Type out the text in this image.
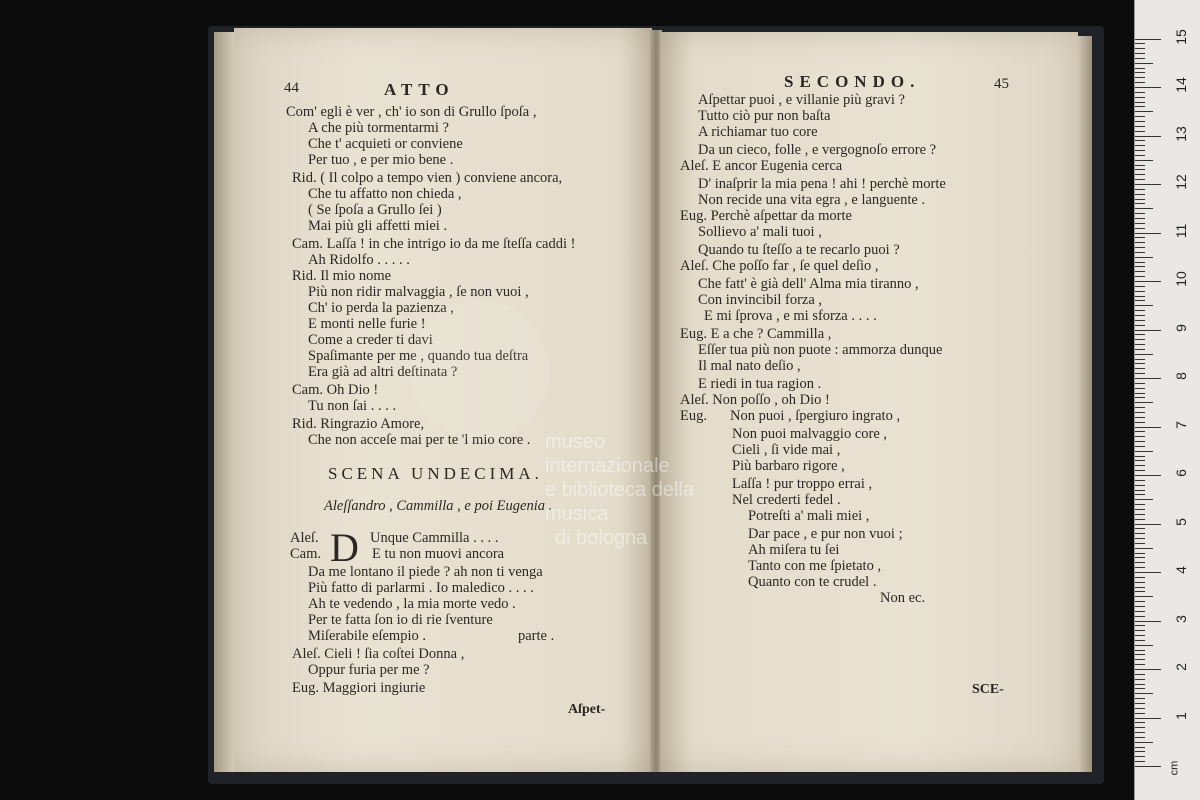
44	ATTO
Com' egli è ver , ch' io son di Grullo ſpoſa ,
A che più tormentarmi ?
Che t' acquieti or conviene
Per tuo , e per mio bene .
Rid. ( Il colpo a tempo vien ) conviene ancora,
Che tu affatto non chieda ,
( Se ſpoſa a Grullo ſei )
Mai più gli affetti miei .
Cam. Laſſa ! in che intrigo io da me ſteſſa caddi !
Ah Ridolfo . . . . .
Rid. Il mio nome
Più non ridir malvaggia , ſe non vuoi ,
Ch' io perda la pazienza ,
E monti nelle furie !
Come a creder ti davi
Spaſimante per me , quando tua deſtra
Era già ad altri deſtinata ?
Cam. Oh Dio !
Tu non ſai . . . .
Rid. Ringrazio Amore,
Che non acceſe mai per te 'l mio core .
SCENA UNDECIMA.
Aleſſandro , Cammilla , e poi Eugenia .
D
Aleſ.	Unque Cammilla . . . .
Cam.	E tu non muovi ancora
Da me lontano il piede ? ah non ti venga
Più fatto di parlarmi . Io maledico . . . .
Ah te vedendo , la mia morte vedo .
Per te fatta ſon io di rie ſventure
Miſerabile eſempio .	parte .
Aleſ. Cieli ! ſia coſtei Donna ,
Oppur furia per me ?
Eug. Maggiori ingiurie
Aſpet-
SECONDO.	45
Aſpettar puoi , e villanie più gravi ?
Tutto ciò pur non baſta
A richiamar tuo core
Da un cieco, folle , e vergognoſo errore ?
Aleſ. E ancor Eugenia cerca
D' inaſprir la mia pena ! ahi ! perchè morte
Non recide una vita egra , e languente .
Eug. Perchè aſpettar da morte
Sollievo a' mali tuoi ,
Quando tu ſteſſo a te recarlo puoi ?
Aleſ. Che poſſo far , ſe quel deſio ,
Che fatt' è già dell' Alma mia tiranno ,
Con invincibil forza ,
E mi ſprova , e mi sforza . . . .
Eug. E a che ? Cammilla ,
Eſſer tua più non puote : ammorza dunque
Il mal nato deſio ,
E riedi in tua ragion .
Aleſ. Non poſſo , oh Dio !
Eug. Non puoi , ſpergiuro ingrato ,
Non puoi malvaggio core ,
Cieli , ſi vide mai ,
Più barbaro rigore ,
Laſſa ! pur troppo errai ,
Nel crederti fedel .
Potreſti a' mali miei ,
Dar pace , e pur non vuoi ;
Ah miſera tu ſei
Tanto con me ſpietato ,
Quanto con te crudel .
Non ec.
SCE-
museo internazionale
e biblioteca della musica
di bologna
cm
1
2
3
4
5
6
7
8
9
10
11
12
13
14
15
